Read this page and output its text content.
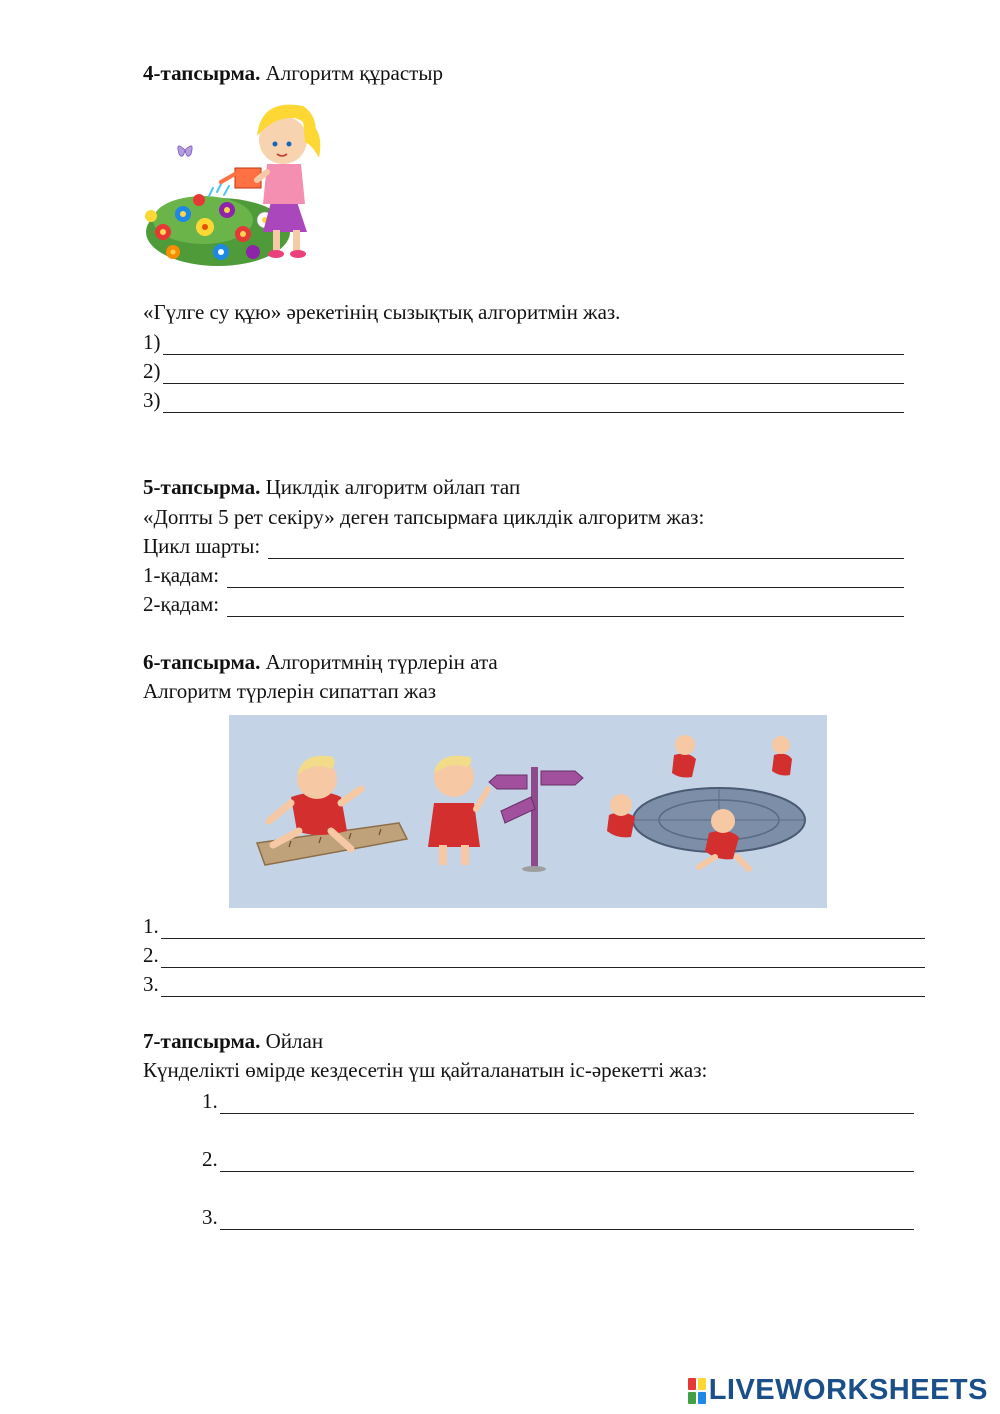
4-тапсырма. Алгоритм құрастыр
«Гүлге су құю» әрекетінің сызықтық алгоритмін жаз.
1)
2)
3)
5-тапсырма. Циклдік алгоритм ойлап тап
«Допты 5 рет секіру» деген тапсырмаға циклдік алгоритм жаз:
Цикл шарты:
1-қадам:
2-қадам:
6-тапсырма. Алгоритмнің түрлерін ата
Алгоритм түрлерін сипаттап жаз
1.
2.
3.
7-тапсырма. Ойлан
Күнделікті өмірде кездесетін үш қайталанатын іс-әрекетті жаз:
1.
2.
3.
LIVEWORKSHEETS
